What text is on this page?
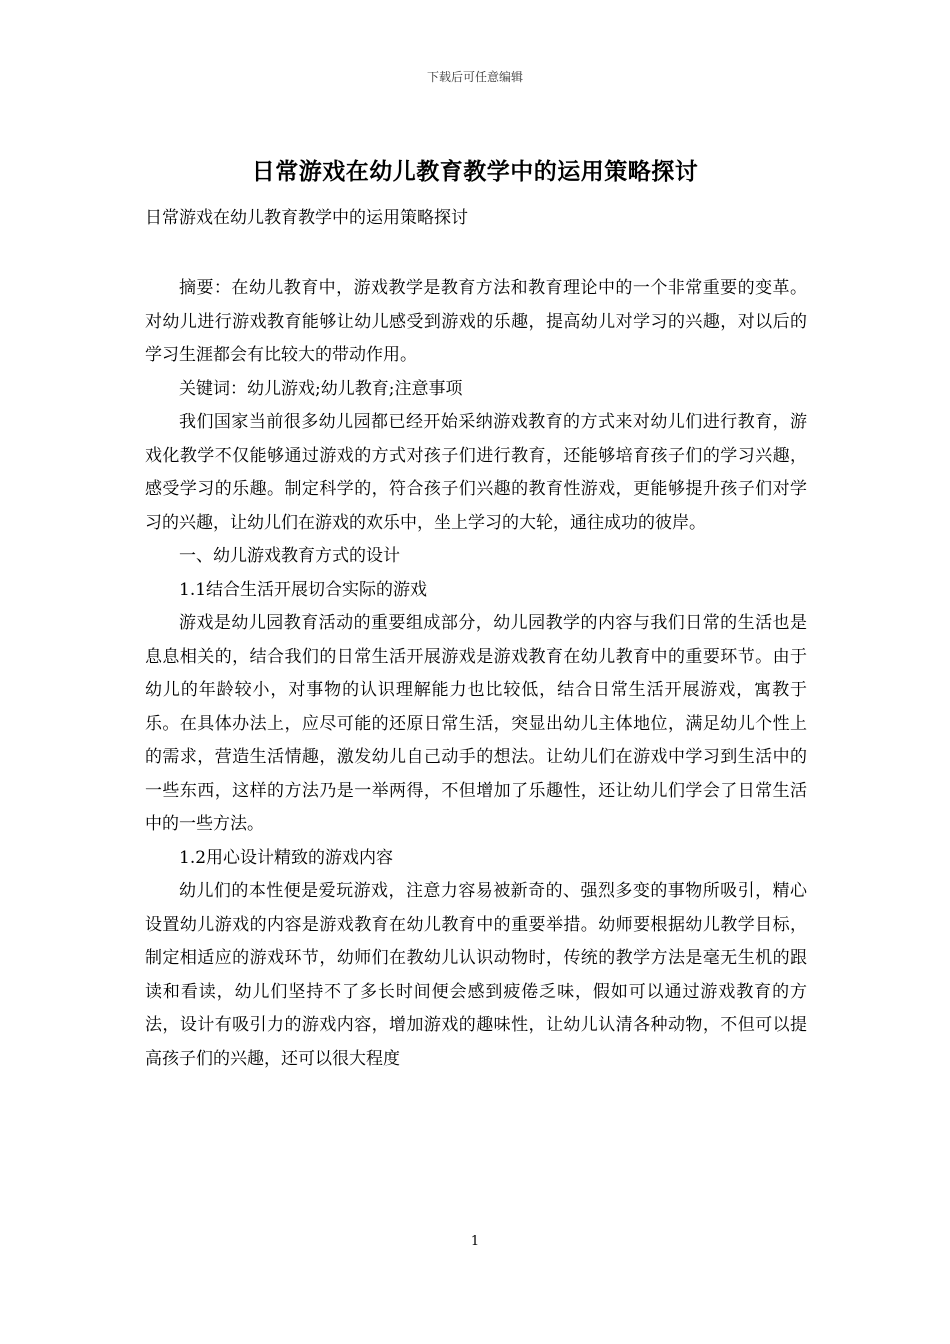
下载后可任意编辑
日常游戏在幼儿教育教学中的运用策略探讨
日常游戏在幼儿教育教学中的运用策略探讨

摘要：在幼儿教育中，游戏教学是教育方法和教育理论中的一个非常重要的变革。对幼儿进行游戏教育能够让幼儿感受到游戏的乐趣，提高幼儿对学习的兴趣，对以后的学习生涯都会有比较大的带动作用。

关键词：幼儿游戏;幼儿教育;注意事项

我们国家当前很多幼儿园都已经开始采纳游戏教育的方式来对幼儿们进行教育，游戏化教学不仅能够通过游戏的方式对孩子们进行教育，还能够培育孩子们的学习兴趣，感受学习的乐趣。制定科学的，符合孩子们兴趣的教育性游戏，更能够提升孩子们对学习的兴趣，让幼儿们在游戏的欢乐中，坐上学习的大轮，通往成功的彼岸。

一、幼儿游戏教育方式的设计

1.1结合生活开展切合实际的游戏

游戏是幼儿园教育活动的重要组成部分，幼儿园教学的内容与我们日常的生活也是息息相关的，结合我们的日常生活开展游戏是游戏教育在幼儿教育中的重要环节。由于幼儿的年龄较小，对事物的认识理解能力也比较低，结合日常生活开展游戏，寓教于乐。在具体办法上，应尽可能的还原日常生活，突显出幼儿主体地位，满足幼儿个性上的需求，营造生活情趣，激发幼儿自己动手的想法。让幼儿们在游戏中学习到生活中的一些东西，这样的方法乃是一举两得，不但增加了乐趣性，还让幼儿们学会了日常生活中的一些方法。

1.2用心设计精致的游戏内容

幼儿们的本性便是爱玩游戏，注意力容易被新奇的、强烈多变的事物所吸引，精心设置幼儿游戏的内容是游戏教育在幼儿教育中的重要举措。幼师要根据幼儿教学目标，制定相适应的游戏环节，幼师们在教幼儿认识动物时，传统的教学方法是毫无生机的跟读和看读，幼儿们坚持不了多长时间便会感到疲倦乏味，假如可以通过游戏教育的方法，设计有吸引力的游戏内容，增加游戏的趣味性，让幼儿认清各种动物，不但可以提高孩子们的兴趣，还可以很大程度

1
